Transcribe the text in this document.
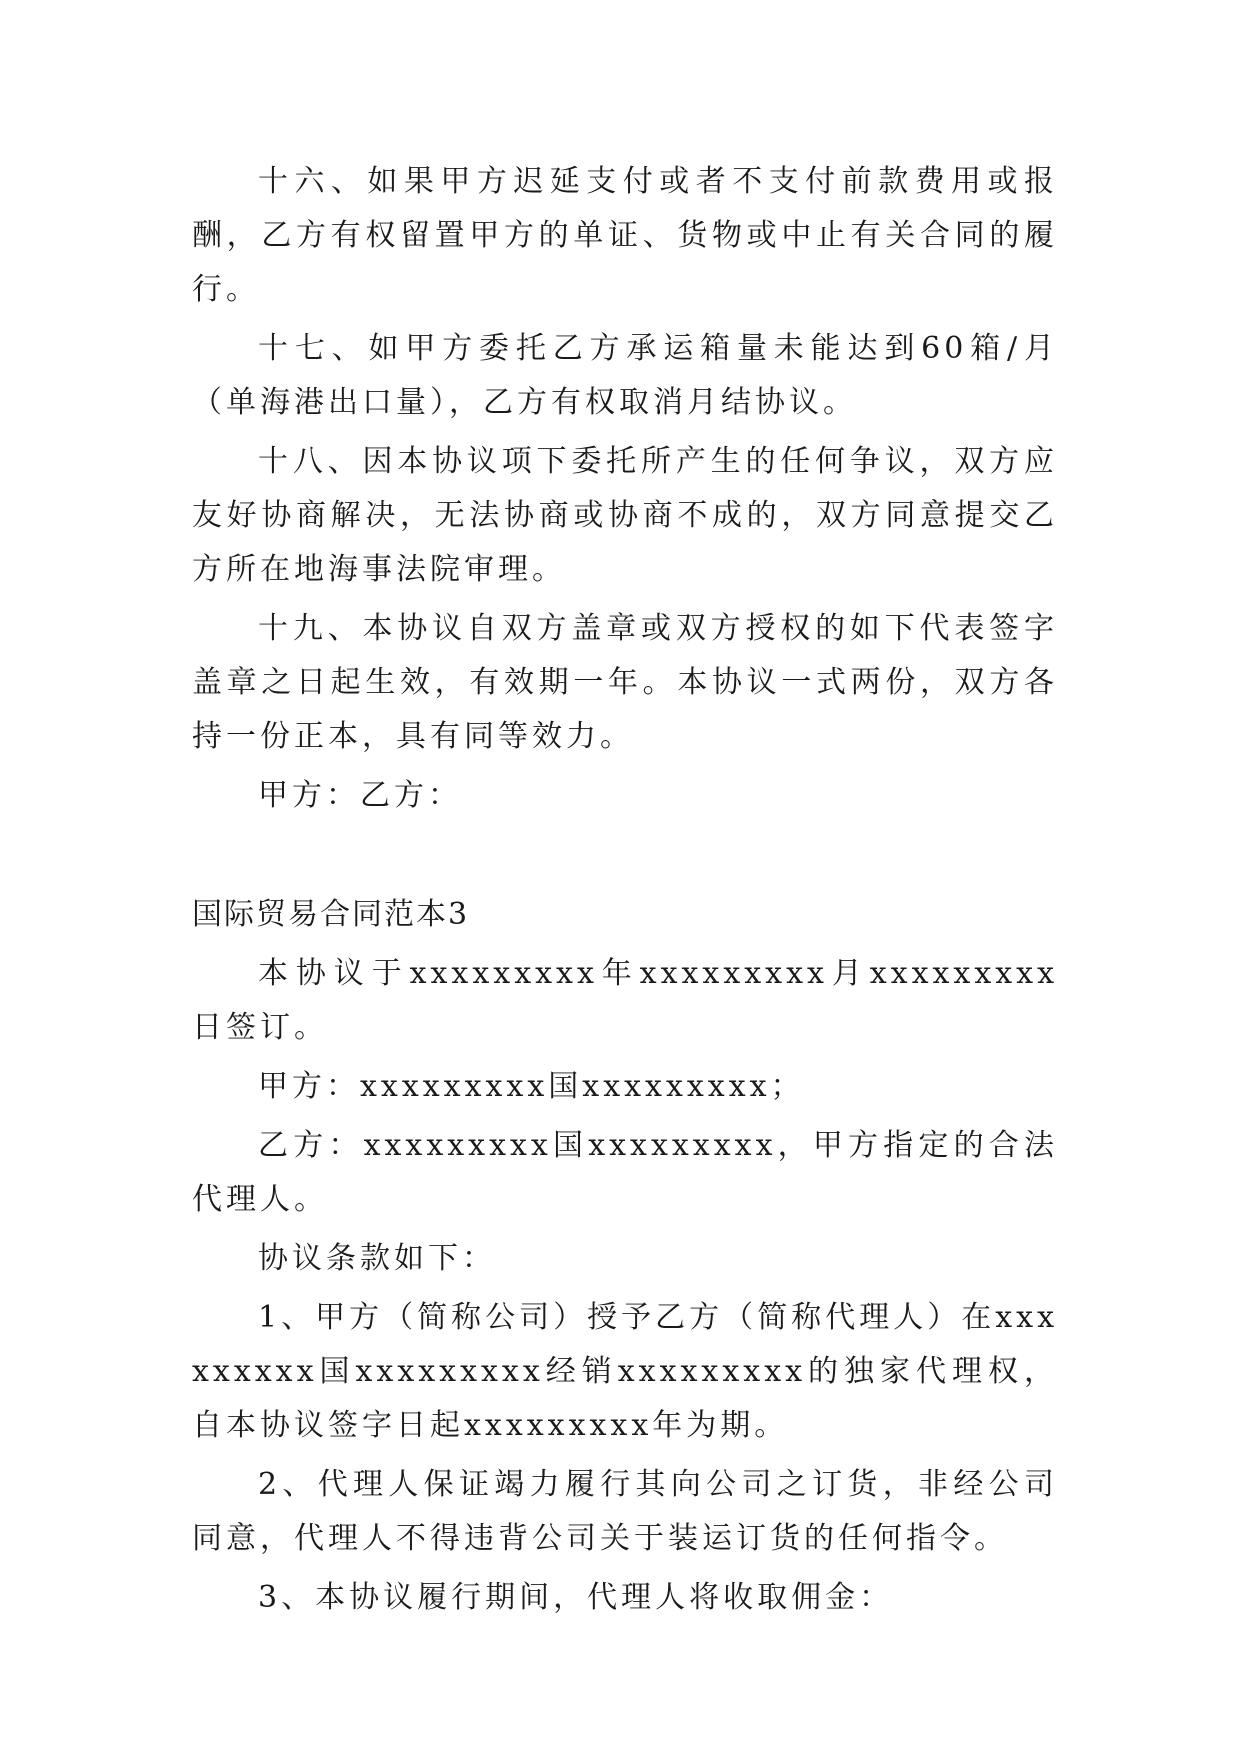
十六、如果甲方迟延支付或者不支付前款费用或报酬，乙方有权留置甲方的单证、货物或中止有关合同的履行。

十七、如甲方委托乙方承运箱量未能达到60箱/月（单海港出口量），乙方有权取消月结协议。

十八、因本协议项下委托所产生的任何争议，双方应友好协商解决，无法协商或协商不成的，双方同意提交乙方所在地海事法院审理。

十九、本协议自双方盖章或双方授权的如下代表签字盖章之日起生效，有效期一年。本协议一式两份，双方各持一份正本，具有同等效力。

甲方：乙方：

国际贸易合同范本3

本协议于xxxxxxxxx年xxxxxxxxx月xxxxxxxxx日签订。

甲方：xxxxxxxxx国xxxxxxxxx；

乙方：xxxxxxxxx国xxxxxxxxx，甲方指定的合法代理人。

协议条款如下：

1、甲方（简称公司）授予乙方（简称代理人）在xxxxxxxxx国xxxxxxxxx经销xxxxxxxxx的独家代理权，自本协议签字日起xxxxxxxxx年为期。

2、代理人保证竭力履行其向公司之订货，非经公司同意，代理人不得违背公司关于装运订货的任何指令。

3、本协议履行期间，代理人将收取佣金：
